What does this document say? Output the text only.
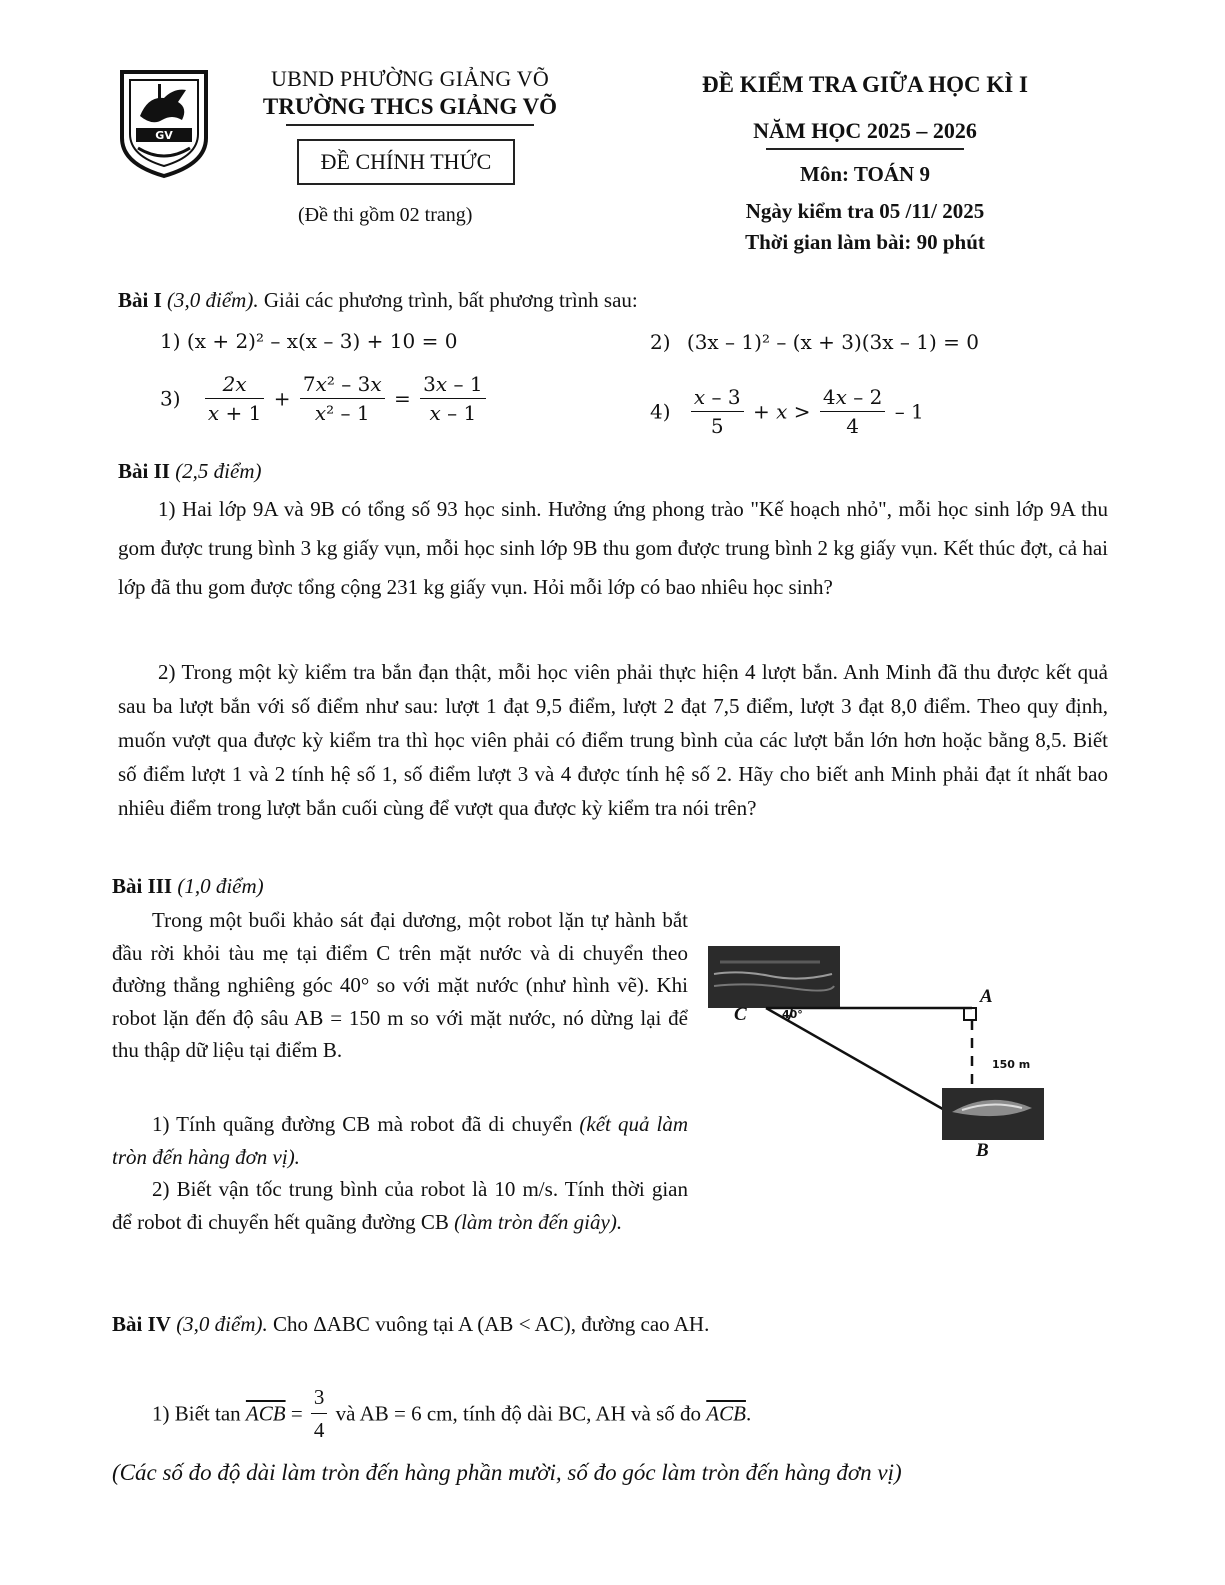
GV
UBND PHƯỜNG GIẢNG VÕ
TRƯỜNG THCS GIẢNG VÕ
ĐỀ CHÍNH THỨC
(Đề thi gồm 02 trang)
ĐỀ KIỂM TRA GIỮA HỌC KÌ I
NĂM HỌC 2025 – 2026
Môn: TOÁN 9
Ngày kiểm tra 05 /11/ 2025
Thời gian làm bài: 90 phút
Bài I (3,0 điểm). Giải các phương trình, bất phương trình sau:
1) (x + 2)² – x(x – 3) + 10 = 0	2) (3x – 1)² – (x + 3)(3x – 1) = 0
$3) \frac{2x}{x + 1} + \frac{\text{7x² – 3x}}{\text{x² – 1}} = \frac{3x - 1}{x - 1}$	$4) \frac{x - 3}{5} + x > \frac{4x - 2}{4} - 1$
Bài II (2,5 điểm)
1) Hai lớp 9A và 9B có tổng số 93 học sinh. Hưởng ứng phong trào "Kế hoạch nhỏ", mỗi học sinh lớp 9A thu gom được trung bình 3 kg giấy vụn, mỗi học sinh lớp 9B thu gom được trung bình 2 kg giấy vụn. Kết thúc đợt, cả hai lớp đã thu gom được tổng cộng 231 kg giấy vụn. Hỏi mỗi lớp có bao nhiêu học sinh?
2) Trong một kỳ kiểm tra bắn đạn thật, mỗi học viên phải thực hiện 4 lượt bắn. Anh Minh đã thu được kết quả sau ba lượt bắn với số điểm như sau: lượt 1 đạt 9,5 điểm, lượt 2 đạt 7,5 điểm, lượt 3 đạt 8,0 điểm. Theo quy định, muốn vượt qua được kỳ kiểm tra thì học viên phải có điểm trung bình của các lượt bắn lớn hơn hoặc bằng 8,5. Biết số điểm lượt 1 và 2 tính hệ số 1, số điểm lượt 3 và 4 được tính hệ số 2. Hãy cho biết anh Minh phải đạt ít nhất bao nhiêu điểm trong lượt bắn cuối cùng để vượt qua được kỳ kiểm tra nói trên?
Bài III (1,0 điểm)
Trong một buổi khảo sát đại dương, một robot lặn tự hành bắt đầu rời khỏi tàu mẹ tại điểm C trên mặt nước và di chuyển theo đường thẳng nghiêng góc 40° so với mặt nước (như hình vẽ). Khi robot lặn đến độ sâu AB = 150 m so với mặt nước, nó dừng lại để thu thập dữ liệu tại điểm B.
1) Tính quãng đường CB mà robot đã di chuyển (kết quả làm tròn đến hàng đơn vị).
2) Biết vận tốc trung bình của robot là 10 m/s. Tính thời gian để robot đi chuyển hết quãng đường CB (làm tròn đến giây).
C
A
B
40°
150 m
Bài IV (3,0 điểm). Cho ΔABC vuông tại A (AB < AC), đường cao AH.
1) Biết $\tan \overline{ACB} = \frac{3}{4}$ và AB = 6 cm, tính độ dài BC, AH và số đo $\overline{ACB}$.
(Các số đo độ dài làm tròn đến hàng phần mười, số đo góc làm tròn đến hàng đơn vị)
